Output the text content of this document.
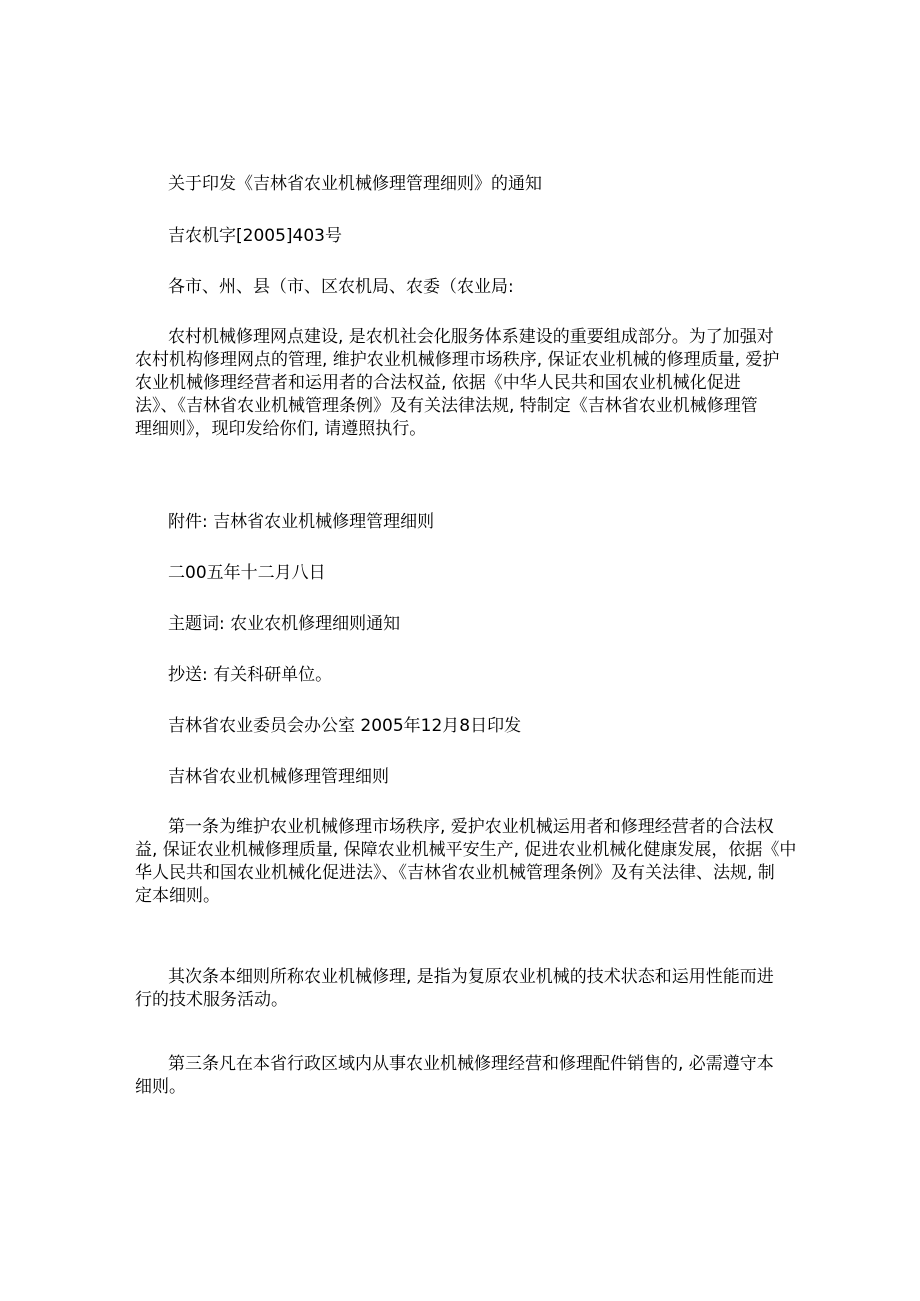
关于印发《吉林省农业机械修理管理细则》的通知

吉农机字[2005]403号

各市、州、县（市、区农机局、农委（农业局:

农村机械修理网点建设, 是农机社会化服务体系建设的重要组成部分。为了加强对
农村机构修理网点的管理, 维护农业机械修理市场秩序, 保证农业机械的修理质量, 爱护
农业机械修理经营者和运用者的合法权益, 依据《中华人民共和国农业机械化促进
法》、《吉林省农业机械管理条例》及有关法律法规, 特制定《吉林省农业机械修理管
理细则》，现印发给你们, 请遵照执行。

附件: 吉林省农业机械修理管理细则

二00五年十二月八日

主题词: 农业农机修理细则通知

抄送: 有关科研单位。

吉林省农业委员会办公室 2005年12月8日印发

吉林省农业机械修理管理细则

第一条为维护农业机械修理市场秩序, 爱护农业机械运用者和修理经营者的合法权
益, 保证农业机械修理质量, 保障农业机械平安生产, 促进农业机械化健康发展，依据《中
华人民共和国农业机械化促进法》、《吉林省农业机械管理条例》及有关法律、法规, 制
定本细则。
其次条本细则所称农业机械修理, 是指为复原农业机械的技术状态和运用性能而进
行的技术服务活动。
第三条凡在本省行政区域内从事农业机械修理经营和修理配件销售的, 必需遵守本
细则。
